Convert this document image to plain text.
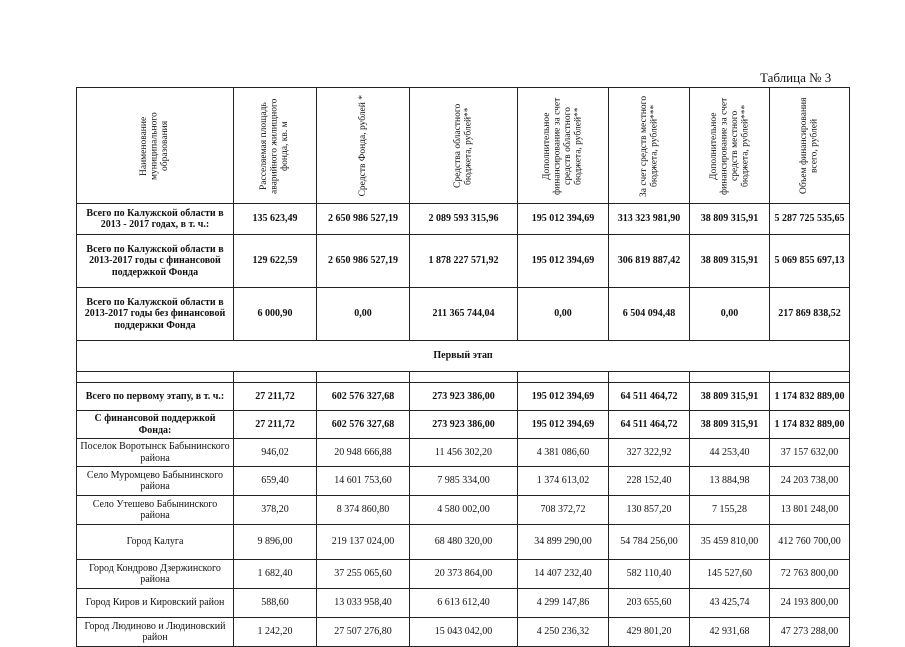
Таблица № 3
Наименование муниципального образования	Расселяемая площадь аварийного жилищного фонда, кв. м	Средств Фонда, рублей *	Средства областного бюджета, рублей**	Дополнительное финансирование за счет средств областного бюджета, рублей**	За счет средств местного бюджета, рублей***	Дополнительное финансирование за счет средств местного бюджета, рублей***	Объем финансирования всего, рублей

Всего по Калужской области в 2013 - 2017 годах, в т. ч.:	135 623,49	2 650 986 527,19	2 089 593 315,96	195 012 394,69	313 323 981,90	38 809 315,91	5 287 725 535,65
Всего по Калужской области в 2013-2017 годы с финансовой поддержкой Фонда	129 622,59	2 650 986 527,19	1 878 227 571,92	195 012 394,69	306 819 887,42	38 809 315,91	5 069 855 697,13
Всего по Калужской области в 2013-2017 годы без финансовой поддержки Фонда	6 000,90	0,00	211 365 744,04	0,00	6 504 094,48	0,00	217 869 838,52
Первый этап							

Всего по первому этапу, в т. ч.:	27 211,72	602 576 327,68	273 923 386,00	195 012 394,69	64 511 464,72	38 809 315,91	1 174 832 889,00
С финансовой поддержкой Фонда:	27 211,72	602 576 327,68	273 923 386,00	195 012 394,69	64 511 464,72	38 809 315,91	1 174 832 889,00
Поселок Воротынск Бабынинского района	946,02	20 948 666,88	11 456 302,20	4 381 086,60	327 322,92	44 253,40	37 157 632,00
Село Муромцево Бабынинского района	659,40	14 601 753,60	7 985 334,00	1 374 613,02	228 152,40	13 884,98	24 203 738,00
Село Утешево Бабынинского района	378,20	8 374 860,80	4 580 002,00	708 372,72	130 857,20	7 155,28	13 801 248,00
Город Калуга	9 896,00	219 137 024,00	68 480 320,00	34 899 290,00	54 784 256,00	35 459 810,00	412 760 700,00
Город Кондрово Дзержинского района	1 682,40	37 255 065,60	20 373 864,00	14 407 232,40	582 110,40	145 527,60	72 763 800,00
Город Киров и Кировский район	588,60	13 033 958,40	6 613 612,40	4 299 147,86	203 655,60	43 425,74	24 193 800,00
Город Людиново и Людиновский район	1 242,20	27 507 276,80	15 043 042,00	4 250 236,32	429 801,20	42 931,68	47 273 288,00
